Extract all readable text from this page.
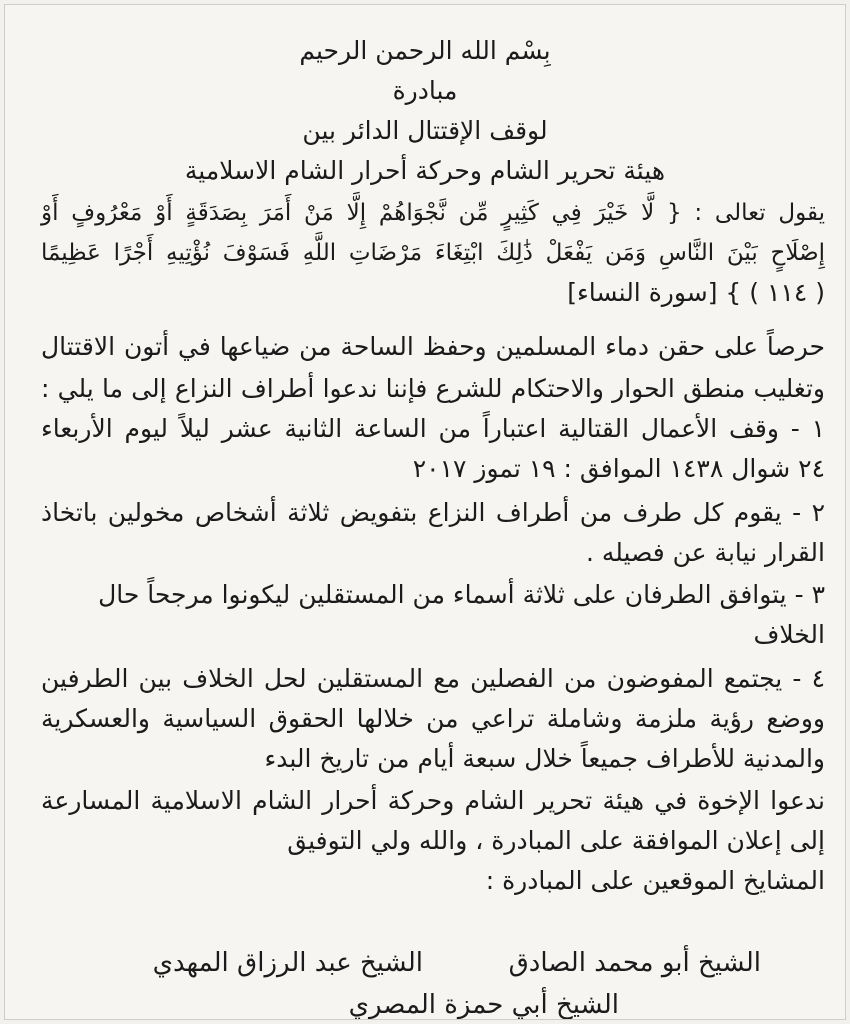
بِسْم الله الرحمن الرحيم

مبادرة

لوقف الإقتتال الدائر بين

هيئة تحرير الشام وحركة أحرار الشام الاسلامية

يقول تعالى : { لَّا خَيْرَ فِي كَثِيرٍ مِّن نَّجْوَاهُمْ إِلَّا مَنْ أَمَرَ بِصَدَقَةٍ أَوْ مَعْرُوفٍ أَوْ

إِصْلَاحٍ بَيْنَ النَّاسِ وَمَن يَفْعَلْ ذَٰلِكَ ابْتِغَاءَ مَرْضَاتِ اللَّهِ فَسَوْفَ نُؤْتِيهِ أَجْرًا عَظِيمًا

( ١١٤ ) } [سورة النساء]

حرصاً على حقن دماء المسلمين وحفظ الساحة من ضياعها في أتون الاقتتال

وتغليب منطق الحوار والاحتكام للشرع فإننا ندعوا أطراف النزاع إلى ما يلي :

١ - وقف الأعمال القتالية اعتباراً من الساعة الثانية عشر ليلاً ليوم الأربعاء

٢٤ شوال ١٤٣٨ الموافق : ١٩ تموز ٢٠١٧

٢ - يقوم كل طرف من أطراف النزاع بتفويض ثلاثة أشخاص مخولين باتخاذ

القرار نيابة عن فصيله .

٣ - يتوافق الطرفان على ثلاثة أسماء من المستقلين ليكونوا مرجحاً حال

الخلاف

٤ - يجتمع المفوضون من الفصلين مع المستقلين لحل الخلاف بين الطرفين

ووضع رؤية ملزمة وشاملة تراعي من خلالها الحقوق السياسية والعسكرية

والمدنية للأطراف جميعاً خلال سبعة أيام من تاريخ البدء

ندعوا الإخوة في هيئة تحرير الشام وحركة أحرار الشام الاسلامية المسارعة

إلى إعلان الموافقة على المبادرة ، والله ولي التوفيق

المشايخ الموقعين على المبادرة :

الشيخ أبو محمد الصادق
الشيخ عبد الرزاق المهدي
الشيخ أبي حمزة المصري
